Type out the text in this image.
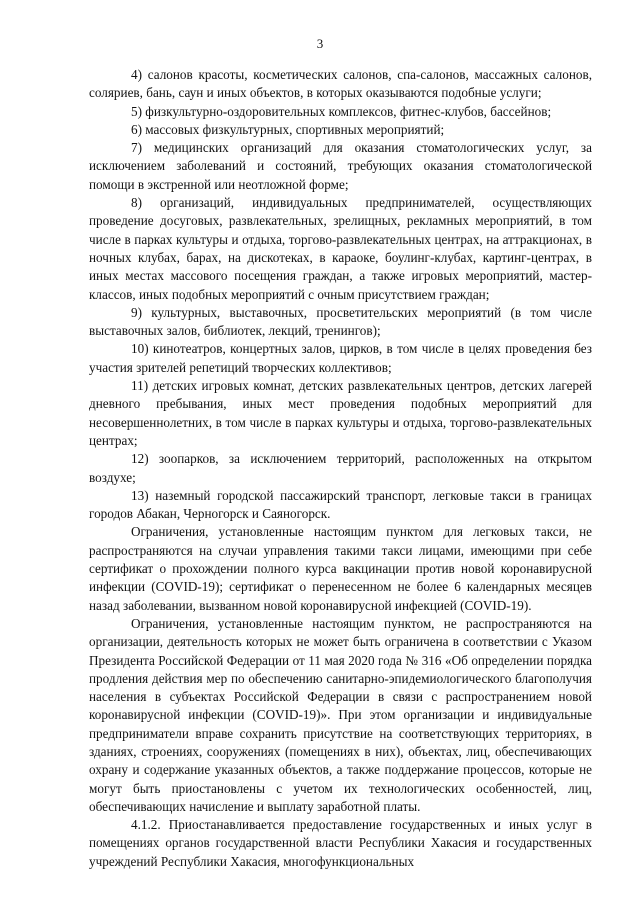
3

4) салонов красоты, косметических салонов, спа-салонов, массажных салонов, соляриев, бань, саун и иных объектов, в которых оказываются подобные услуги;

5) физкультурно-оздоровительных комплексов, фитнес-клубов, бассейнов;

6) массовых физкультурных, спортивных мероприятий;

7) медицинских организаций для оказания стоматологических услуг, за исключением заболеваний и состояний, требующих оказания стоматологической помощи в экстренной или неотложной форме;

8) организаций, индивидуальных предпринимателей, осуществляющих проведение досуговых, развлекательных, зрелищных, рекламных мероприятий, в том числе в парках культуры и отдыха, торгово-развлекательных центрах, на аттракционах, в ночных клубах, барах, на дискотеках, в караоке, боулинг-клубах, картинг-центрах, в иных местах массового посещения граждан, а также игровых мероприятий, мастер-классов, иных подобных мероприятий с очным присутствием граждан;

9) культурных, выставочных, просветительских мероприятий (в том числе выставочных залов, библиотек, лекций, тренингов);

10) кинотеатров, концертных залов, цирков, в том числе в целях проведения без участия зрителей репетиций творческих коллективов;

11) детских игровых комнат, детских развлекательных центров, детских лагерей дневного пребывания, иных мест проведения подобных мероприятий для несовершеннолетних, в том числе в парках культуры и отдыха, торгово-развлекательных центрах;

12) зоопарков, за исключением территорий, расположенных на открытом воздухе;

13) наземный городской пассажирский транспорт, легковые такси в границах городов Абакан, Черногорск и Саяногорск.

Ограничения, установленные настоящим пунктом для легковых такси, не распространяются на случаи управления такими такси лицами, имеющими при себе сертификат о прохождении полного курса вакцинации против новой коронавирусной инфекции (COVID-19); сертификат о перенесенном не более 6 календарных месяцев назад заболевании, вызванном новой коронавирусной инфекцией (COVID-19).

Ограничения, установленные настоящим пунктом, не распространяются на организации, деятельность которых не может быть ограничена в соответствии с Указом Президента Российской Федерации от 11 мая 2020 года № 316 «Об определении порядка продления действия мер по обеспечению санитарно-эпидемиологического благополучия населения в субъектах Российской Федерации в связи с распространением новой коронавирусной инфекции (COVID-19)». При этом организации и индивидуальные предприниматели вправе сохранить присутствие на соответствующих территориях, в зданиях, строениях, сооружениях (помещениях в них), объектах, лиц, обеспечивающих охрану и содержание указанных объектов, а также поддержание процессов, которые не могут быть приостановлены с учетом их технологических особенностей, лиц, обеспечивающих начисление и выплату заработной платы.

4.1.2. Приостанавливается предоставление государственных и иных услуг в помещениях органов государственной власти Республики Хакасия и государственных учреждений Республики Хакасия, многофункциональных
